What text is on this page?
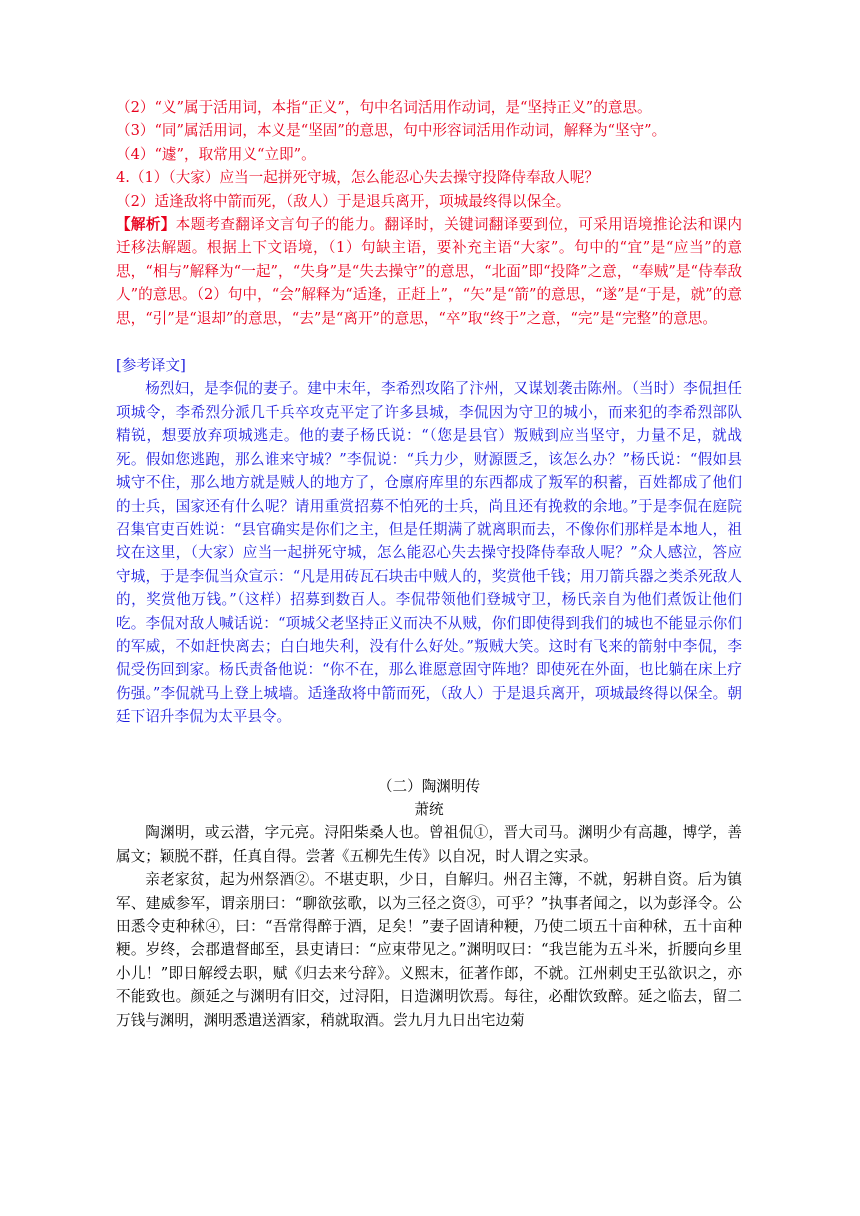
（2）“义”属于活用词，本指“正义”，句中名词活用作动词，是“坚持正义”的意思。

（3）“同”属活用词，本义是“坚固”的意思，句中形容词活用作动词，解释为“坚守”。

（4）“遽”，取常用义“立即”。

4.（1）（大家）应当一起拼死守城，怎么能忍心失去操守投降侍奉敌人呢？

（2）适逢敌将中箭而死，（敌人）于是退兵离开，项城最终得以保全。

【解析】本题考查翻译文言句子的能力。翻译时，关键词翻译要到位，可采用语境推论法和课内迁移法解题。根据上下文语境，（1）句缺主语，要补充主语“大家”。句中的“宜”是“应当”的意思，“相与”解释为“一起”，“失身”是“失去操守”的意思，“北面”即“投降”之意，“奉贼”是“侍奉敌人”的意思。（2）句中，“会”解释为“适逢，正赶上”，“矢”是“箭”的意思，“遂”是“于是，就”的意思，“引”是“退却”的意思，“去”是“离开”的意思，“卒”取“终于”之意，“完”是“完整”的意思。

[参考译文]

杨烈妇，是李侃的妻子。建中末年，李希烈攻陷了汴州，又谋划袭击陈州。（当时）李侃担任项城令，李希烈分派几千兵卒攻克平定了许多县城，李侃因为守卫的城小，而来犯的李希烈部队精锐，想要放弃项城逃走。他的妻子杨氏说：“（您是县官）叛贼到应当坚守，力量不足，就战死。假如您逃跑，那么谁来守城？”李侃说：“兵力少，财源匮乏，该怎么办？”杨氏说：“假如县城守不住，那么地方就是贼人的地方了，仓廪府库里的东西都成了叛军的积蓄，百姓都成了他们的士兵，国家还有什么呢？请用重赏招募不怕死的士兵，尚且还有挽救的余地。”于是李侃在庭院召集官吏百姓说：“县官确实是你们之主，但是任期满了就离职而去，不像你们那样是本地人，祖坟在这里，（大家）应当一起拼死守城，怎么能忍心失去操守投降侍奉敌人呢？”众人感泣，答应守城，于是李侃当众宣示：“凡是用砖瓦石块击中贼人的，奖赏他千钱；用刀箭兵器之类杀死敌人的，奖赏他万钱。”（这样）招募到数百人。李侃带领他们登城守卫，杨氏亲自为他们煮饭让他们吃。李侃对敌人喊话说：“项城父老坚持正义而决不从贼，你们即使得到我们的城也不能显示你们的军威，不如赶快离去；白白地失利，没有什么好处。”叛贼大笑。这时有飞来的箭射中李侃，李侃受伤回到家。杨氏责备他说：“你不在，那么谁愿意固守阵地？即使死在外面，也比躺在床上疗伤强。”李侃就马上登上城墙。适逢敌将中箭而死，（敌人）于是退兵离开，项城最终得以保全。朝廷下诏升李侃为太平县令。

（二）陶渊明传

萧统

陶渊明，或云潜，字元亮。浔阳柴桑人也。曾祖侃①，晋大司马。渊明少有高趣，博学，善属文；颖脱不群，任真自得。尝著《五柳先生传》以自况，时人谓之实录。

亲老家贫，起为州祭酒②。不堪吏职，少日，自解归。州召主簿，不就，躬耕自资。后为镇军、建威参军，谓亲朋曰：“聊欲弦歌，以为三径之资③，可乎？”执事者闻之，以为彭泽令。公田悉令吏种秫④，曰：“吾常得醉于酒，足矣！”妻子固请种粳，乃使二顷五十亩种秫，五十亩种粳。岁终，会郡遣督邮至，县吏请曰：“应束带见之。”渊明叹曰：“我岂能为五斗米，折腰向乡里小儿！”即日解绶去职，赋《归去来兮辞》。义熙末，征著作郎，不就。江州刺史王弘欲识之，亦不能致也。颜延之与渊明有旧交，过浔阳，日造渊明饮焉。每往，必酣饮致醉。延之临去，留二万钱与渊明，渊明悉遣送酒家，稍就取酒。尝九月九日出宅边菊
